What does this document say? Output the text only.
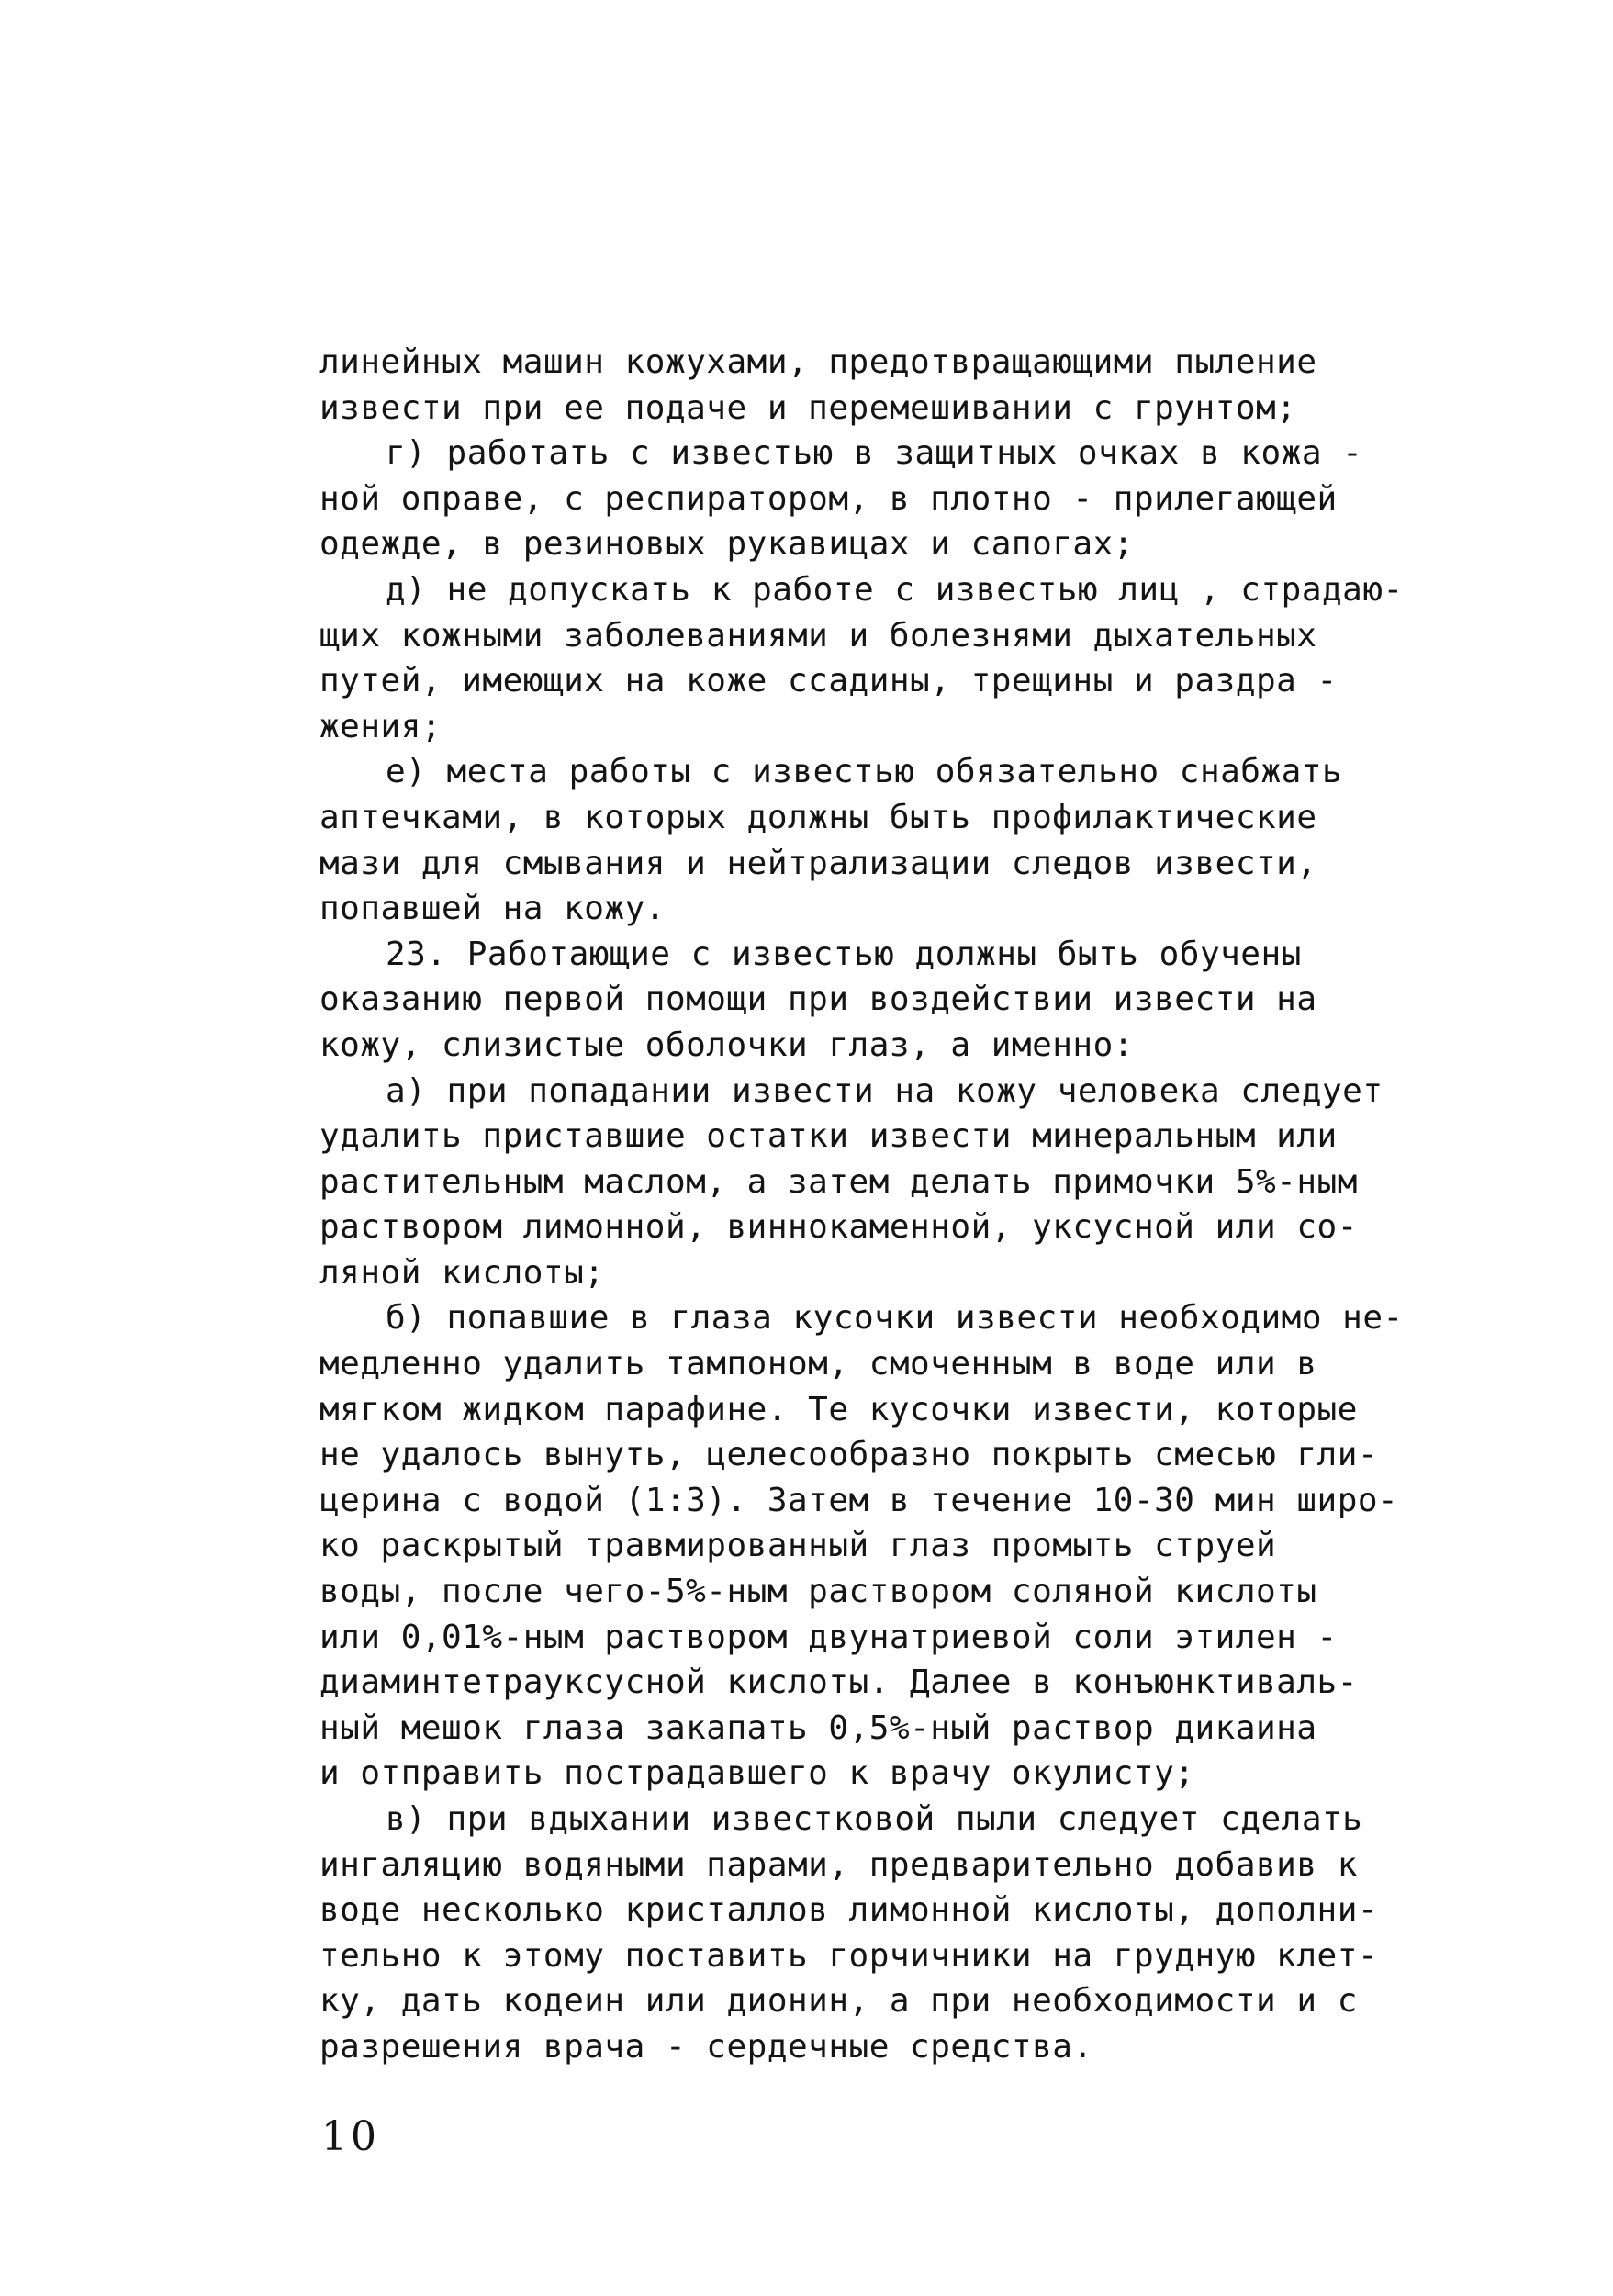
линейных машин кожухами, предотвращающими пыление
извести при ее подаче и перемешивании с грунтом;
г) работать с известью в защитных очках в кожа -
ной оправе, с респиратором, в плотно - прилегающей
одежде, в резиновых рукавицах и сапогах;
д) не допускать к работе с известью лиц , страдаю-
щих кожными заболеваниями и болезнями дыхательных
путей, имеющих на коже ссадины, трещины и раздра -
жения;
е) места работы с известью обязательно снабжать
аптечками, в которых должны быть профилактические
мази для смывания и нейтрализации следов извести,
попавшей на кожу.
23. Работающие с известью должны быть обучены
оказанию первой помощи при воздействии извести на
кожу, слизистые оболочки глаз, а именно:
а) при попадании извести на кожу человека следует
удалить приставшие остатки извести минеральным или
растительным маслом, а затем делать примочки 5%-ным
раствором лимонной, виннокаменной, уксусной или со-
ляной кислоты;
б) попавшие в глаза кусочки извести необходимо не-
медленно удалить тампоном, смоченным в воде или в
мягком жидком парафине. Те кусочки извести, которые
не удалось вынуть, целесообразно покрыть смесью гли-
церина с водой (1:3). Затем в течение 10-30 мин широ-
ко раскрытый травмированный глаз промыть струей
воды, после чего-5%-ным раствором соляной кислоты
или 0,01%-ным раствором двунатриевой соли этилен -
диаминтетрауксусной кислоты. Далее в конъюнктиваль-
ный мешок глаза закапать 0,5%-ный раствор дикаина
и отправить пострадавшего к врачу окулисту;
в) при вдыхании известковой пыли следует сделать
ингаляцию водяными парами, предварительно добавив к
воде несколько кристаллов лимонной кислоты, дополни-
тельно к этому поставить горчичники на грудную клет-
ку, дать кодеин или дионин, а при необходимости и с
разрешения врача - сердечные средства.
10
